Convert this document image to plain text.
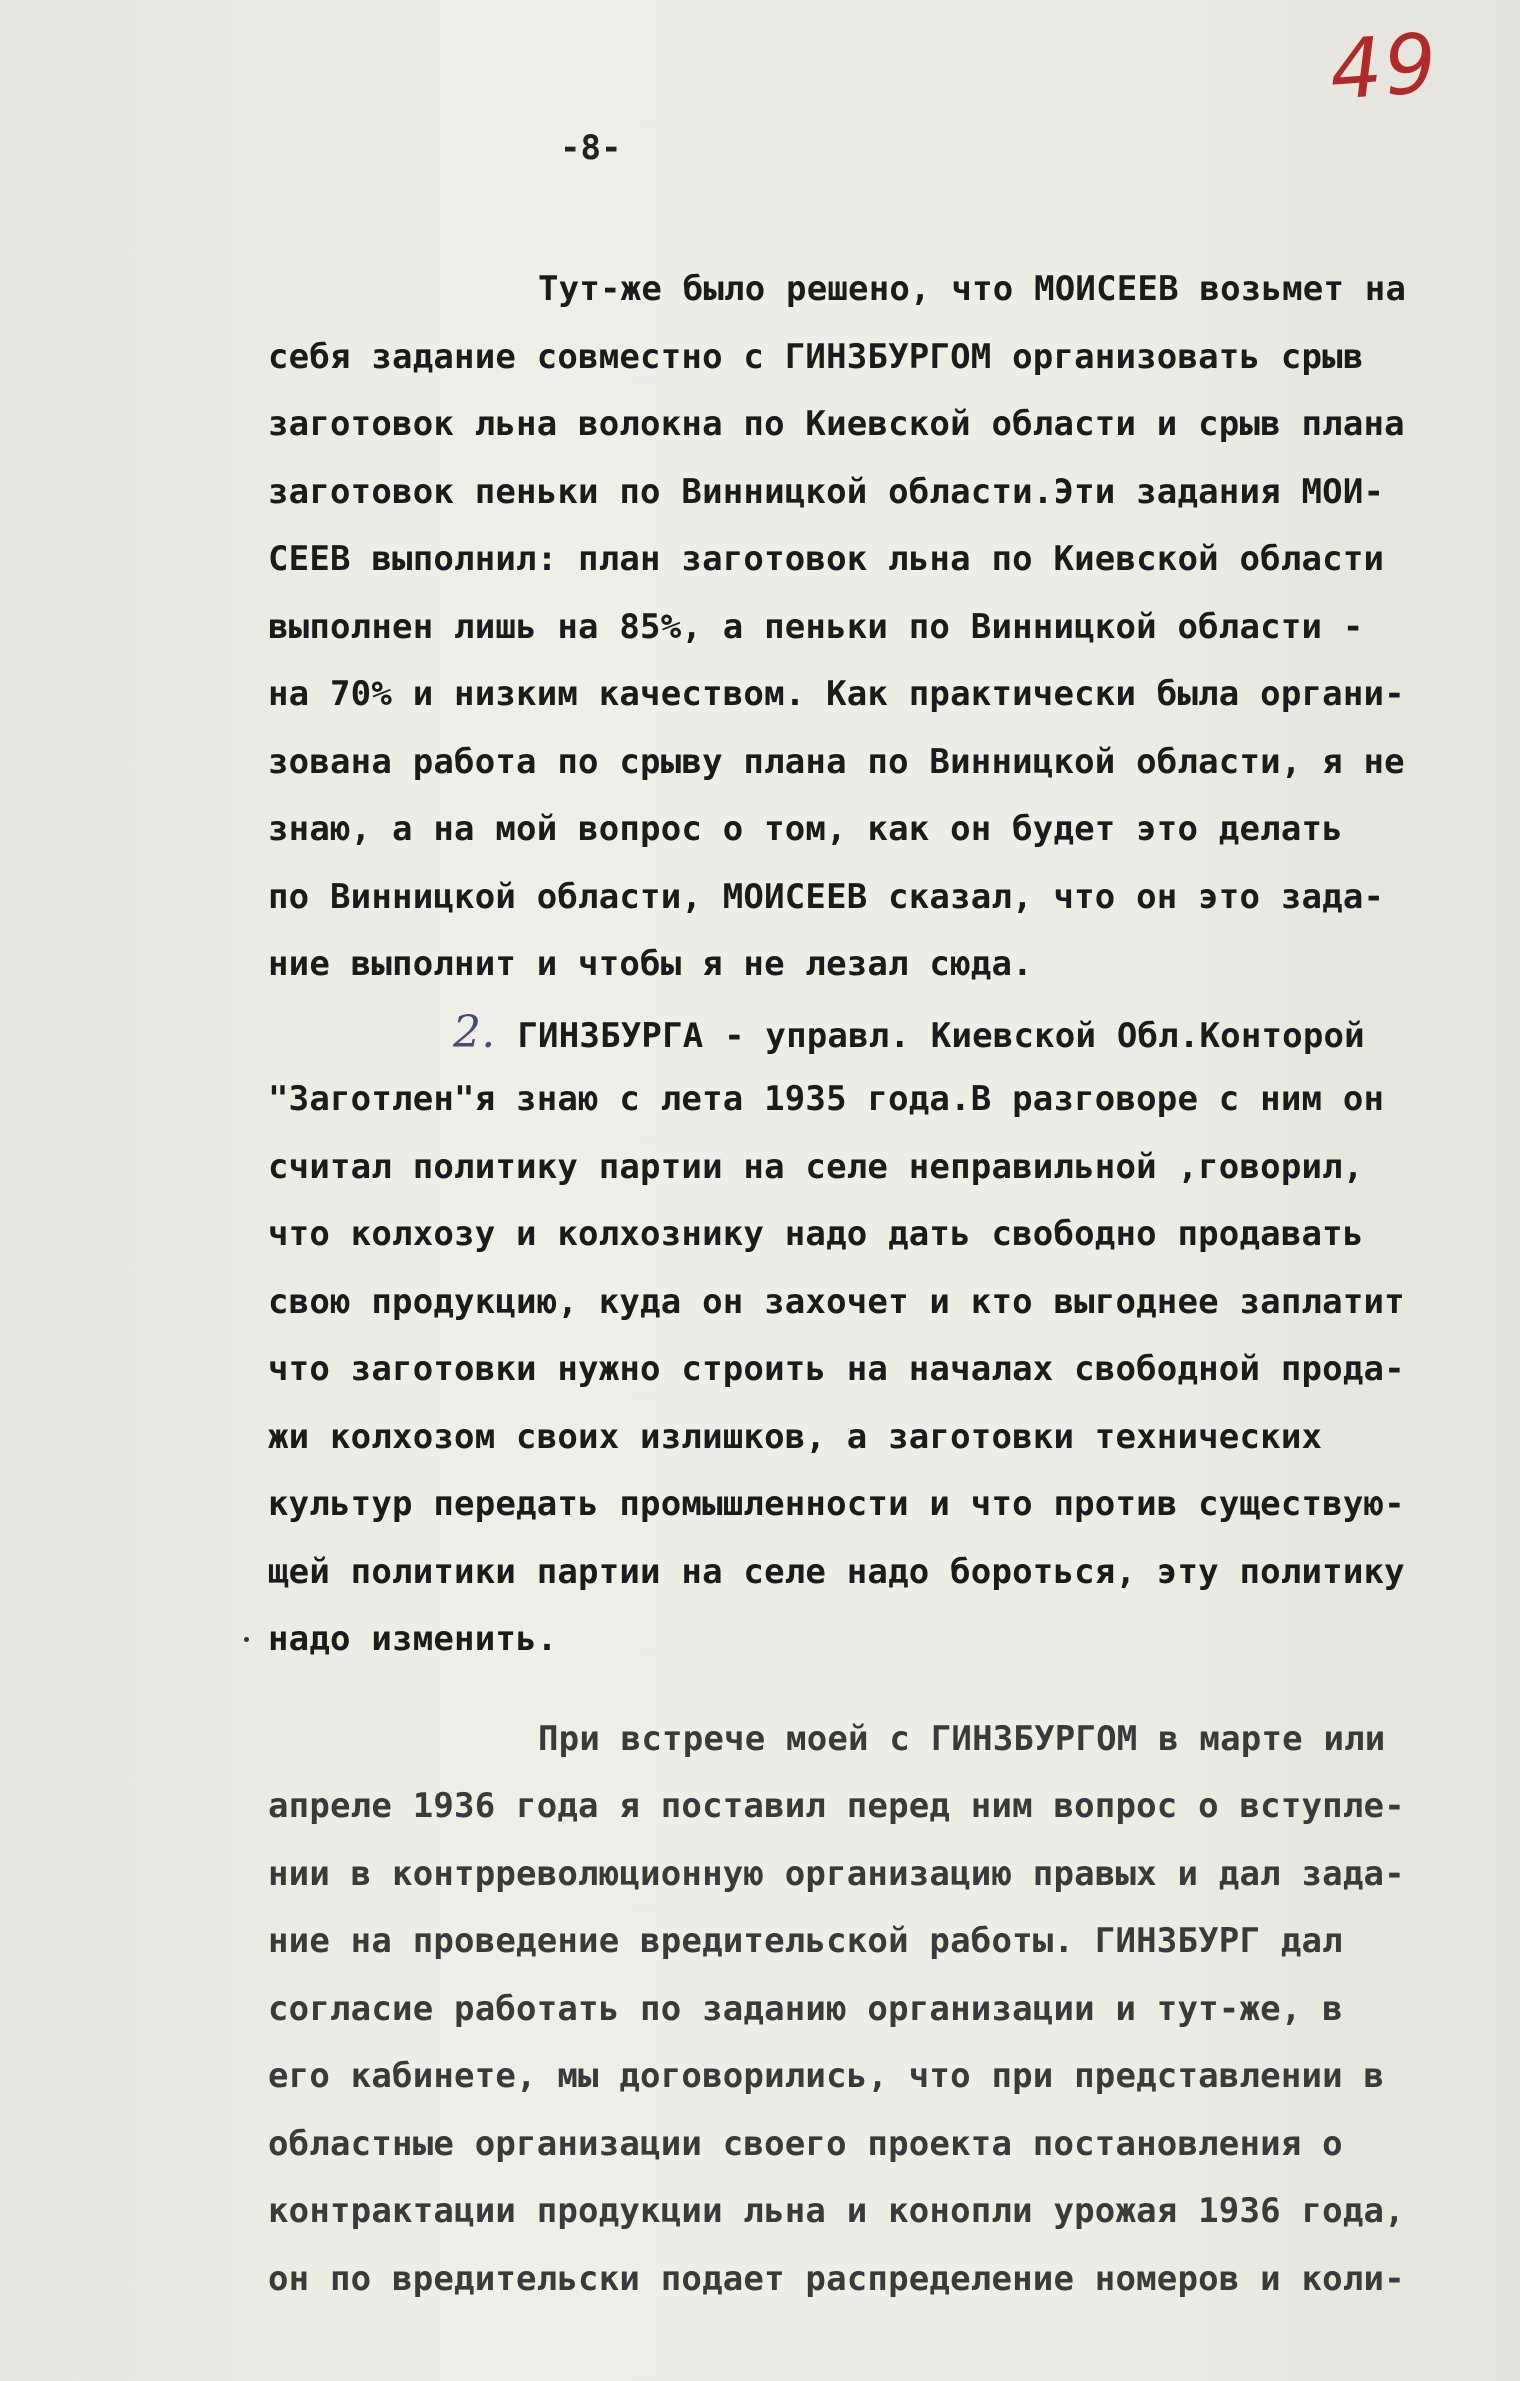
49
-8-
Тут-же было решено, что МОИСЕЕВ возьмет на
себя задание совместно с ГИНЗБУРГОМ организовать срыв
заготовок льна волокна по Киевской области и срыв плана
заготовок пеньки по Винницкой области.Эти задания МОИ-
СЕЕВ выполнил: план заготовок льна по Киевской области
выполнен лишь на 85%, а пеньки по Винницкой области -
на 70% и низким качеством. Как практически была органи-
зована работа по срыву плана по Винницкой области, я не
знаю, а на мой вопрос о том, как он будет это делать
по Винницкой области, МОИСЕЕВ сказал, что он это зада-
ние выполнит и чтобы я не лезал сюда.
2. ГИНЗБУРГА - управл. Киевской Обл.Конторой
"Заготлен"я знаю с лета 1935 года.В разговоре с ним он
считал политику партии на селе неправильной ,говорил,
что колхозу и колхознику надо дать свободно продавать
свою продукцию, куда он захочет и кто выгоднее заплатит
что заготовки нужно строить на началах свободной прода-
жи колхозом своих излишков, а заготовки технических
культур передать промышленности и что против существую-
щей политики партии на селе надо бороться, эту политику
надо изменить.
При встрече моей с ГИНЗБУРГОМ в марте или
апреле 1936 года я поставил перед ним вопрос о вступле-
нии в контрреволюционную организацию правых и дал зада-
ние на проведение вредительской работы. ГИНЗБУРГ дал
согласие работать по заданию организации и тут-же, в
его кабинете, мы договорились, что при представлении в
областные организации своего проекта постановления о
контрактации продукции льна и конопли урожая 1936 года,
он по вредительски подает распределение номеров и коли-
